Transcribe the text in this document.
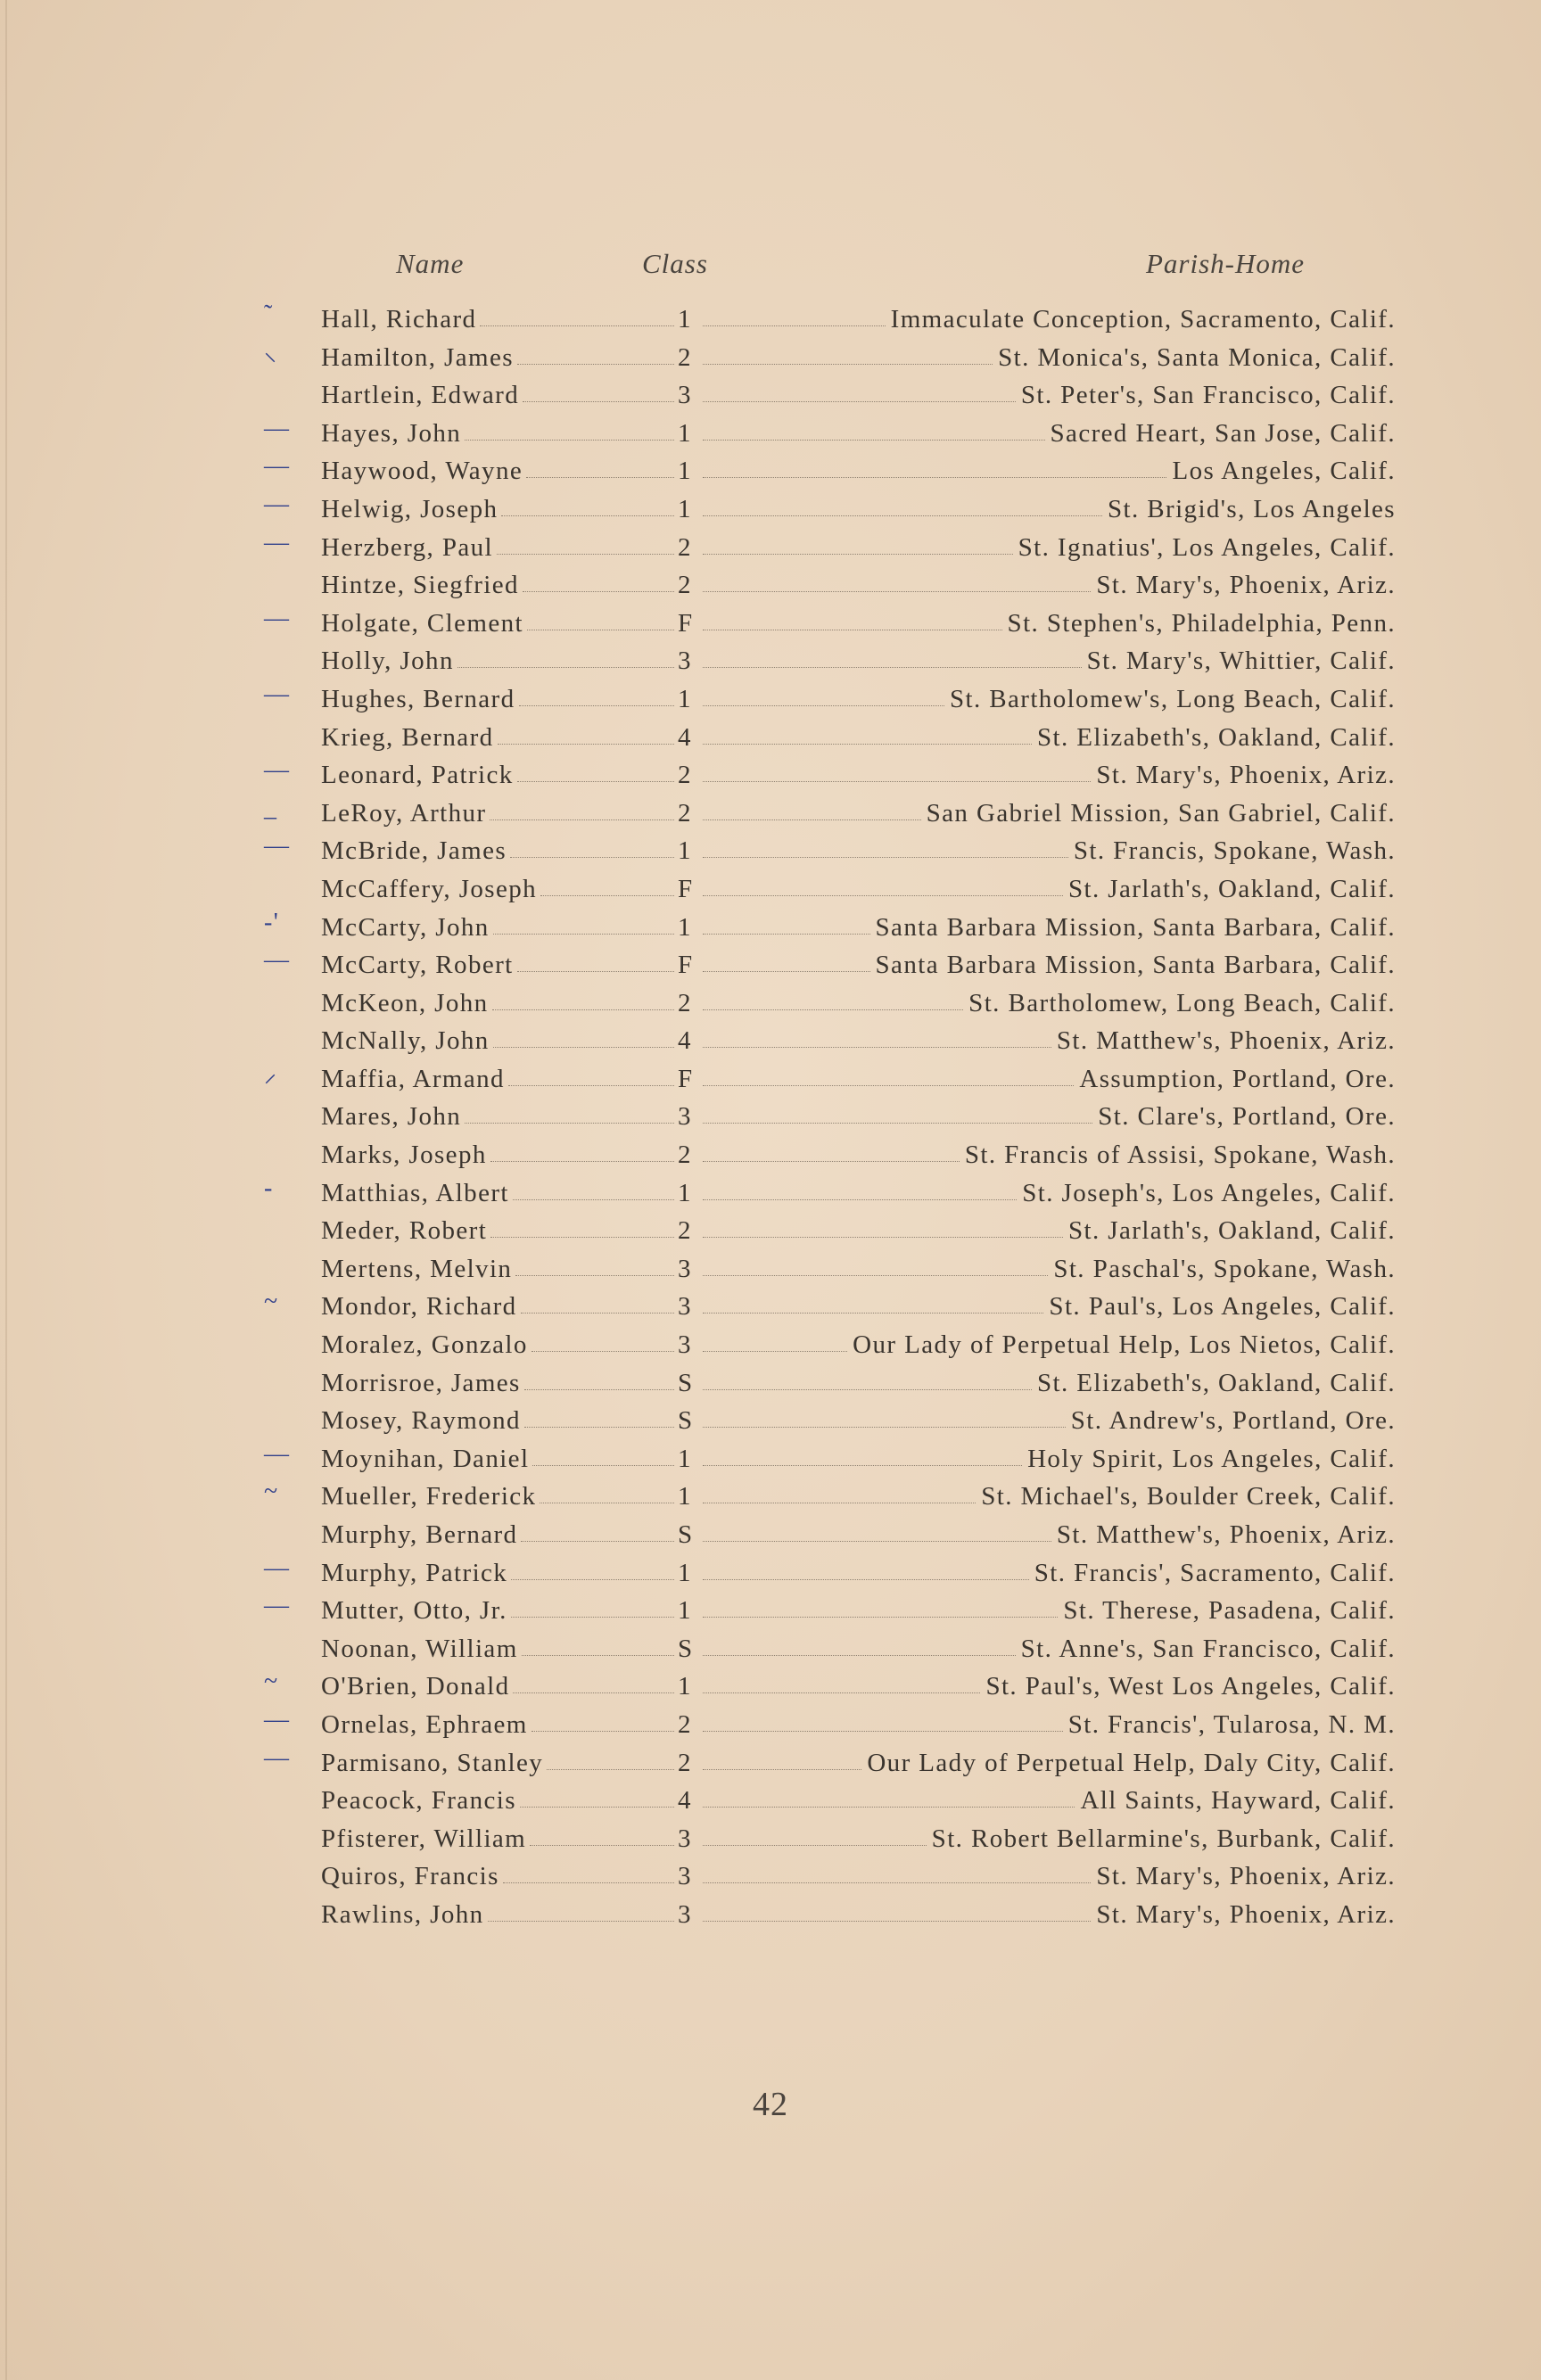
Name	Class	Parish-Home
˜	Hall, Richard	1	Immaculate Conception, Sacramento, Calif.
⸜	Hamilton, James	2	St. Monica's, Santa Monica, Calif.
Hartlein, Edward	3	St. Peter's, San Francisco, Calif.
—	Hayes, John	1	Sacred Heart, San Jose, Calif.
—	Haywood, Wayne	1	Los Angeles, Calif.
—	Helwig, Joseph	1	St. Brigid's, Los Angeles
—	Herzberg, Paul	2	St. Ignatius', Los Angeles, Calif.
Hintze, Siegfried	2	St. Mary's, Phoenix, Ariz.
—	Holgate, Clement	F	St. Stephen's, Philadelphia, Penn.
Holly, John	3	St. Mary's, Whittier, Calif.
—	Hughes, Bernard	1	St. Bartholomew's, Long Beach, Calif.
Krieg, Bernard	4	St. Elizabeth's, Oakland, Calif.
—	Leonard, Patrick	2	St. Mary's, Phoenix, Ariz.
_	LeRoy, Arthur	2	San Gabriel Mission, San Gabriel, Calif.
—	McBride, James	1	St. Francis, Spokane, Wash.
McCaffery, Joseph	F	St. Jarlath's, Oakland, Calif.
-'	McCarty, John	1	Santa Barbara Mission, Santa Barbara, Calif.
—	McCarty, Robert	F	Santa Barbara Mission, Santa Barbara, Calif.
McKeon, John	2	St. Bartholomew, Long Beach, Calif.
McNally, John	4	St. Matthew's, Phoenix, Ariz.
⸝	Maffia, Armand	F	Assumption, Portland, Ore.
Mares, John	3	St. Clare's, Portland, Ore.
Marks, Joseph	2	St. Francis of Assisi, Spokane, Wash.
-	Matthias, Albert	1	St. Joseph's, Los Angeles, Calif.
Meder, Robert	2	St. Jarlath's, Oakland, Calif.
Mertens, Melvin	3	St. Paschal's, Spokane, Wash.
~	Mondor, Richard	3	St. Paul's, Los Angeles, Calif.
Moralez, Gonzalo	3	Our Lady of Perpetual Help, Los Nietos, Calif.
Morrisroe, James	S	St. Elizabeth's, Oakland, Calif.
Mosey, Raymond	S	St. Andrew's, Portland, Ore.
—	Moynihan, Daniel	1	Holy Spirit, Los Angeles, Calif.
~	Mueller, Frederick	1	St. Michael's, Boulder Creek, Calif.
Murphy, Bernard	S	St. Matthew's, Phoenix, Ariz.
—	Murphy, Patrick	1	St. Francis', Sacramento, Calif.
—	Mutter, Otto, Jr.	1	St. Therese, Pasadena, Calif.
Noonan, William	S	St. Anne's, San Francisco, Calif.
~	O'Brien, Donald	1	St. Paul's, West Los Angeles, Calif.
—	Ornelas, Ephraem	2	St. Francis', Tularosa, N. M.
—	Parmisano, Stanley	2	Our Lady of Perpetual Help, Daly City, Calif.
Peacock, Francis	4	All Saints, Hayward, Calif.
Pfisterer, William	3	St. Robert Bellarmine's, Burbank, Calif.
Quiros, Francis	3	St. Mary's, Phoenix, Ariz.
Rawlins, John	3	St. Mary's, Phoenix, Ariz.
42
